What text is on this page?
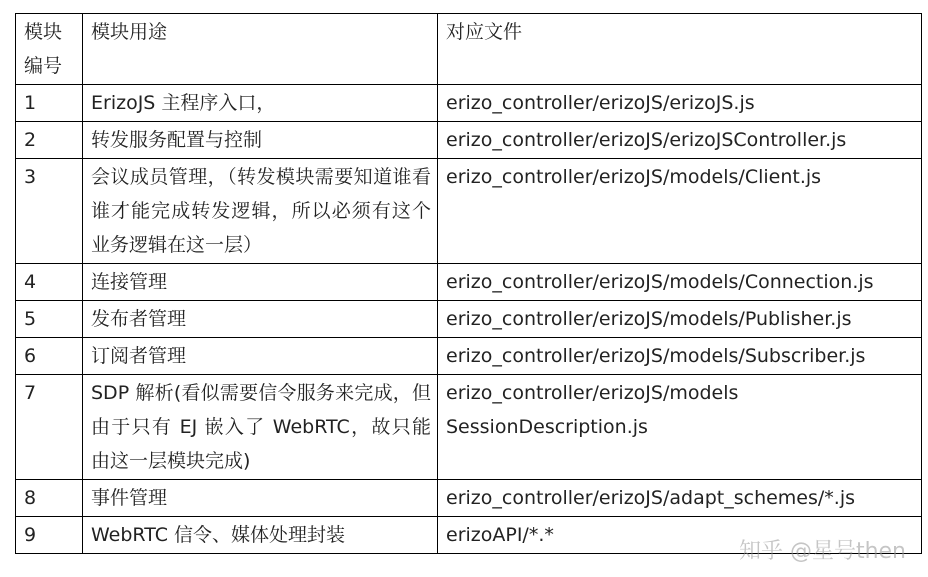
模块编号	模块用途	对应文件
1	ErizoJS 主程序入口，	erizo_controller/erizoJS/erizoJS.js
2	转发服务配置与控制	erizo_controller/erizoJS/erizoJSController.js
3	会议成员管理，（转发模块需要知道谁看谁才能完成转发逻辑，所以必须有这个业务逻辑在这一层）	erizo_controller/erizoJS/models/Client.js
4	连接管理	erizo_controller/erizoJS/models/Connection.js
5	发布者管理	erizo_controller/erizoJS/models/Publisher.js
6	订阅者管理	erizo_controller/erizoJS/models/Subscriber.js
7	SDP 解析(看似需要信令服务来完成，但由于只有 EJ 嵌入了 WebRTC，故只能由这一层模块完成)	erizo_controller/erizoJS/models
SessionDescription.js
8	事件管理	erizo_controller/erizoJS/adapt_schemes/*.js
9	WebRTC 信令、媒体处理封装	erizoAPI/*.*
知乎 @星号then
